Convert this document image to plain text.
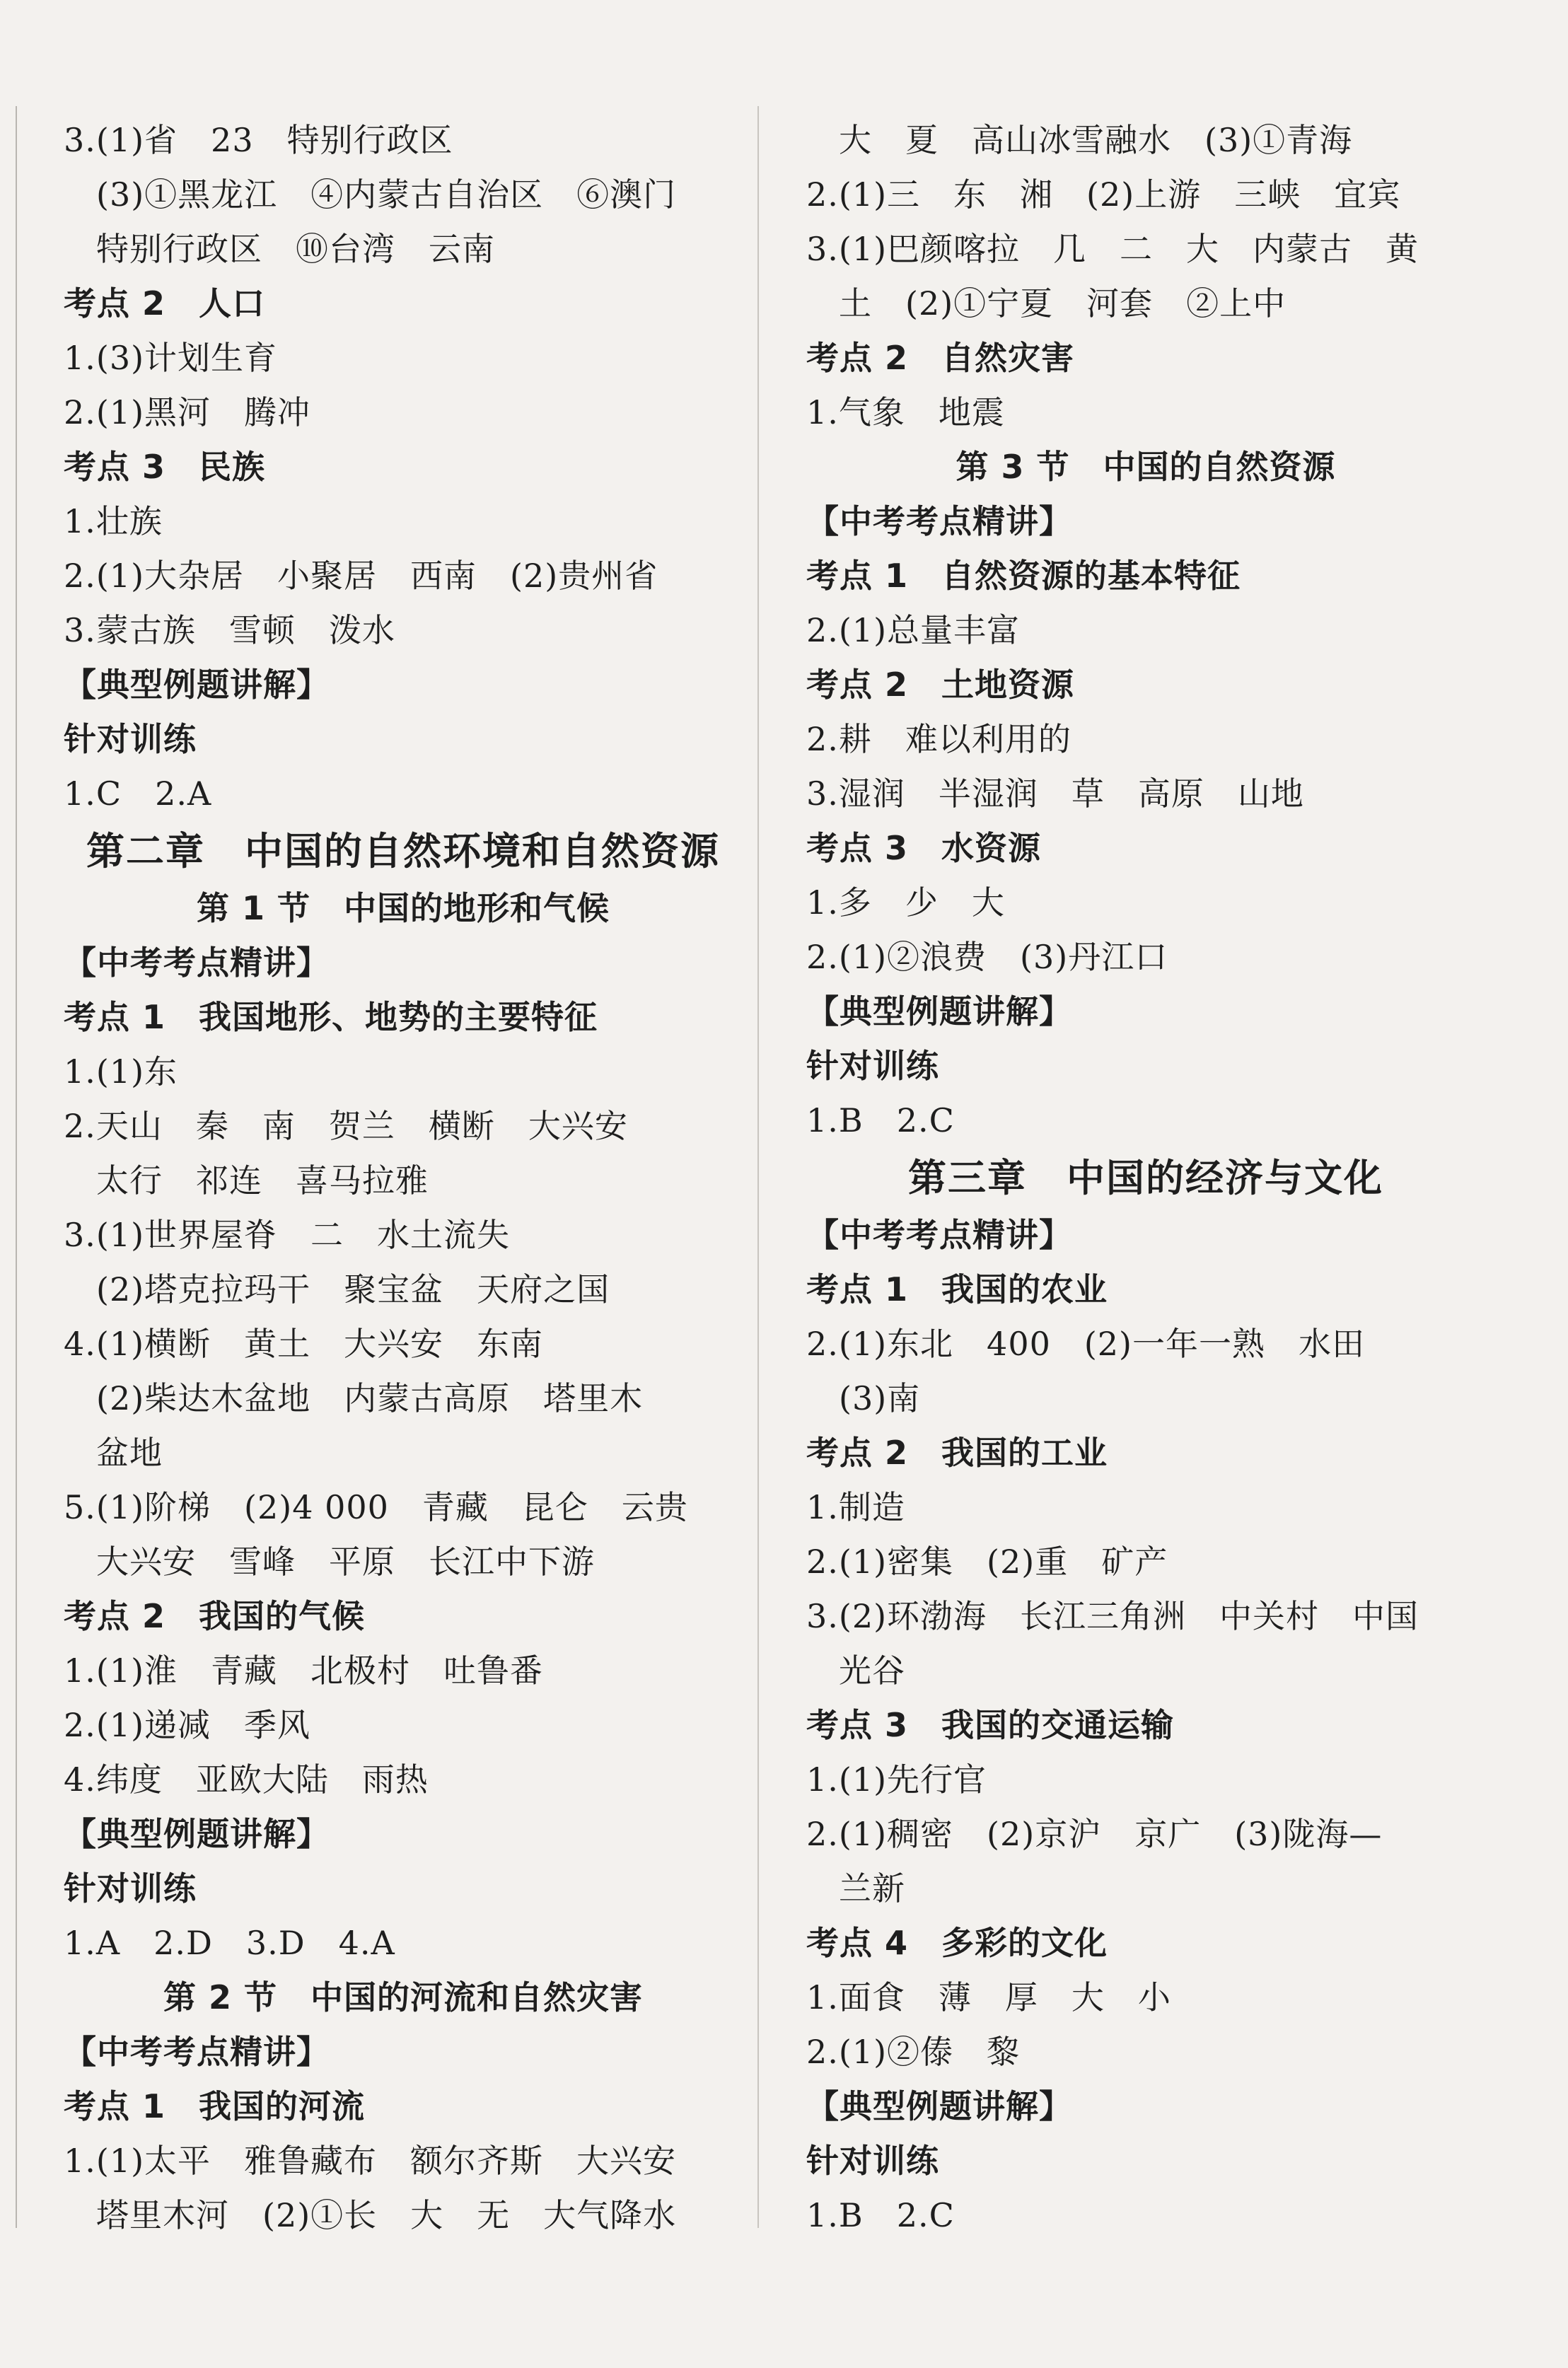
3.(1)省　23　特别行政区
(3)①黑龙江　④内蒙古自治区　⑥澳门
特别行政区　⑩台湾　云南
考点 2　人口
1.(3)计划生育
2.(1)黑河　腾冲
考点 3　民族
1.壮族
2.(1)大杂居　小聚居　西南　(2)贵州省
3.蒙古族　雪顿　泼水
【典型例题讲解】
针对训练
1.C　2.A
第二章　中国的自然环境和自然资源
第 1 节　中国的地形和气候
【中考考点精讲】
考点 1　我国地形、地势的主要特征
1.(1)东
2.天山　秦　南　贺兰　横断　大兴安
太行　祁连　喜马拉雅
3.(1)世界屋脊　二　水土流失
(2)塔克拉玛干　聚宝盆　天府之国
4.(1)横断　黄土　大兴安　东南
(2)柴达木盆地　内蒙古高原　塔里木
盆地
5.(1)阶梯　(2)4 000　青藏　昆仑　云贵
大兴安　雪峰　平原　长江中下游
考点 2　我国的气候
1.(1)淮　青藏　北极村　吐鲁番
2.(1)递减　季风
4.纬度　亚欧大陆　雨热
【典型例题讲解】
针对训练
1.A　2.D　3.D　4.A
第 2 节　中国的河流和自然灾害
【中考考点精讲】
考点 1　我国的河流
1.(1)太平　雅鲁藏布　额尔齐斯　大兴安
塔里木河　(2)①长　大　无　大气降水
大　夏　高山冰雪融水　(3)①青海
2.(1)三　东　湘　(2)上游　三峡　宜宾
3.(1)巴颜喀拉　几　二　大　内蒙古　黄
土　(2)①宁夏　河套　②上中
考点 2　自然灾害
1.气象　地震
第 3 节　中国的自然资源
【中考考点精讲】
考点 1　自然资源的基本特征
2.(1)总量丰富
考点 2　土地资源
2.耕　难以利用的
3.湿润　半湿润　草　高原　山地
考点 3　水资源
1.多　少　大
2.(1)②浪费　(3)丹江口
【典型例题讲解】
针对训练
1.B　2.C
第三章　中国的经济与文化
【中考考点精讲】
考点 1　我国的农业
2.(1)东北　400　(2)一年一熟　水田
(3)南
考点 2　我国的工业
1.制造
2.(1)密集　(2)重　矿产
3.(2)环渤海　长江三角洲　中关村　中国
光谷
考点 3　我国的交通运输
1.(1)先行官
2.(1)稠密　(2)京沪　京广　(3)陇海—
兰新
考点 4　多彩的文化
1.面食　薄　厚　大　小
2.(1)②傣　黎
【典型例题讲解】
针对训练
1.B　2.C
